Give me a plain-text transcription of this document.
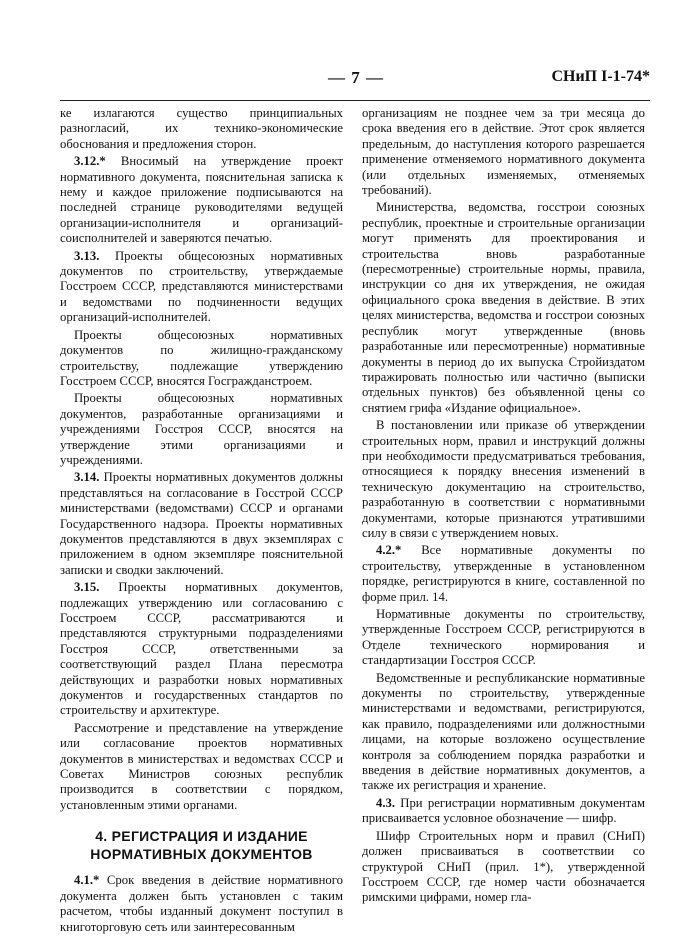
— 7 —	СНиП I-1-74*

ке излагаются существо принципиальных разногласий, их технико-экономические обоснования и предложения сторон.

3.12.* Вносимый на утверждение проект нормативного документа, пояснительная записка к нему и каждое приложение подписываются на последней странице руководителями ведущей организации-исполнителя и организаций-соисполнителей и заверяются печатью.

3.13. Проекты общесоюзных нормативных документов по строительству, утверждаемые Госстроем СССР, представляются министерствами и ведомствами по подчиненности ведущих организаций-исполнителей.

Проекты общесоюзных нормативных документов по жилищно-гражданскому строительству, подлежащие утверждению Госстроем СССР, вносятся Госгражданстроем.

Проекты общесоюзных нормативных документов, разработанные организациями и учреждениями Госстроя СССР, вносятся на утверждение этими организациями и учреждениями.

3.14. Проекты нормативных документов должны представляться на согласование в Госстрой СССР министерствами (ведомствами) СССР и органами Государственного надзора. Проекты нормативных документов представляются в двух экземплярах с приложением в одном экземпляре пояснительной записки и сводки заключений.

3.15. Проекты нормативных документов, подлежащих утверждению или согласованию с Госстроем СССР, рассматриваются и представляются структурными подразделениями Госстроя СССР, ответственными за соответствующий раздел Плана пересмотра действующих и разработки новых нормативных документов и государственных стандартов по строительству и архитектуре.

Рассмотрение и представление на утверждение или согласование проектов нормативных документов в министерствах и ведомствах СССР и Советах Министров союзных республик производится в соответствии с порядком, установленным этими органами.

4. РЕГИСТРАЦИЯ И ИЗДАНИЕ
НОРМАТИВНЫХ ДОКУМЕНТОВ

4.1.* Срок введения в действие нормативного документа должен быть установлен с таким расчетом, чтобы изданный документ поступил в книготорговую сеть или заинтересованным

организациям не позднее чем за три месяца до срока введения его в действие. Этот срок является предельным, до наступления которого разрешается применение отменяемого нормативного документа (или отдельных изменяемых, отменяемых требований).

Министерства, ведомства, госстрои союзных республик, проектные и строительные организации могут применять для проектирования и строительства вновь разработанные (пересмотренные) строительные нормы, правила, инструкции со дня их утверждения, не ожидая официального срока введения в действие. В этих целях министерства, ведомства и госстрои союзных республик могут утвержденные (вновь разработанные или пересмотренные) нормативные документы в период до их выпуска Стройиздатом тиражировать полностью или частично (выписки отдельных пунктов) без объявленной цены со снятием грифа «Издание официальное».

В постановлении или приказе об утверждении строительных норм, правил и инструкций должны при необходимости предусматриваться требования, относящиеся к порядку внесения изменений в техническую документацию на строительство, разработанную в соответствии с нормативными документами, которые признаются утратившими силу в связи с утверждением новых.

4.2.* Все нормативные документы по строительству, утвержденные в установленном порядке, регистрируются в книге, составленной по форме прил. 14.

Нормативные документы по строительству, утвержденные Госстроем СССР, регистрируются в Отделе технического нормирования и стандартизации Госстроя СССР.

Ведомственные и республиканские нормативные документы по строительству, утвержденные министерствами и ведомствами, регистрируются, как правило, подразделениями или должностными лицами, на которые возложено осуществление контроля за соблюдением порядка разработки и введения в действие нормативных документов, а также их регистрация и хранение.

4.3. При регистрации нормативным документам присваивается условное обозначение — шифр.

Шифр Строительных норм и правил (СНиП) должен присваиваться в соответствии со структурой СНиП (прил. 1*), утвержденной Госстроем СССР, где номер части обозначается римскими цифрами, номер гла-
